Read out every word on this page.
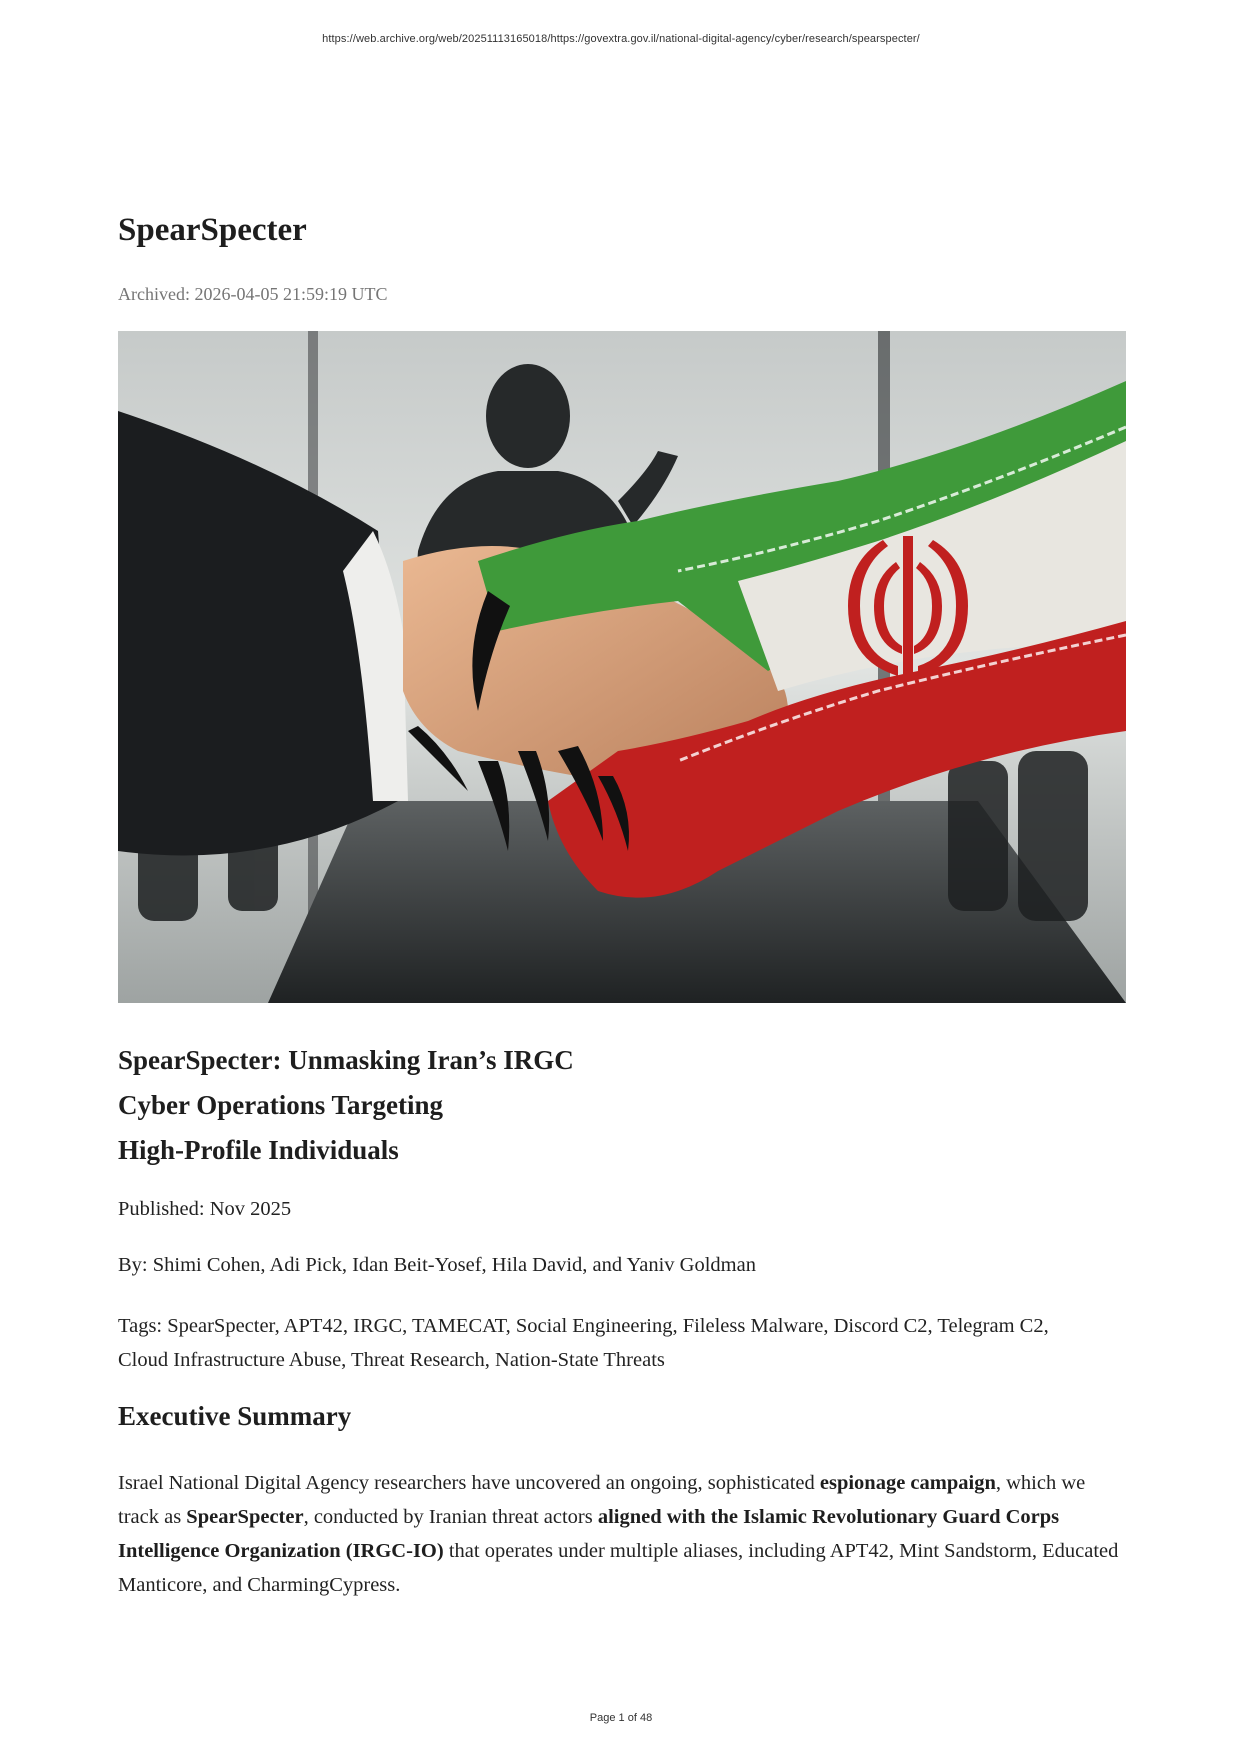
https://web.archive.org/web/20251113165018/https://govextra.gov.il/national-digital-agency/cyber/research/spearspecter/
SpearSpecter

Archived: 2026-04-05 21:59:19 UTC

SpearSpecter: Unmasking Iran’s IRGC
Cyber Operations Targeting
High-Profile Individuals

Published: Nov 2025

By: Shimi Cohen, Adi Pick, Idan Beit-Yosef, Hila David, and Yaniv Goldman

Tags: SpearSpecter, APT42, IRGC, TAMECAT, Social Engineering, Fileless Malware, Discord C2, Telegram C2,
Cloud Infrastructure Abuse, Threat Research, Nation-State Threats

Executive Summary

Israel National Digital Agency researchers have uncovered an ongoing, sophisticated espionage campaign, which we track as SpearSpecter, conducted by Iranian threat actors aligned with the Islamic Revolutionary Guard Corps Intelligence Organization (IRGC-IO) that operates under multiple aliases, including APT42, Mint Sandstorm, Educated Manticore, and CharmingCypress.

Page 1 of 48
